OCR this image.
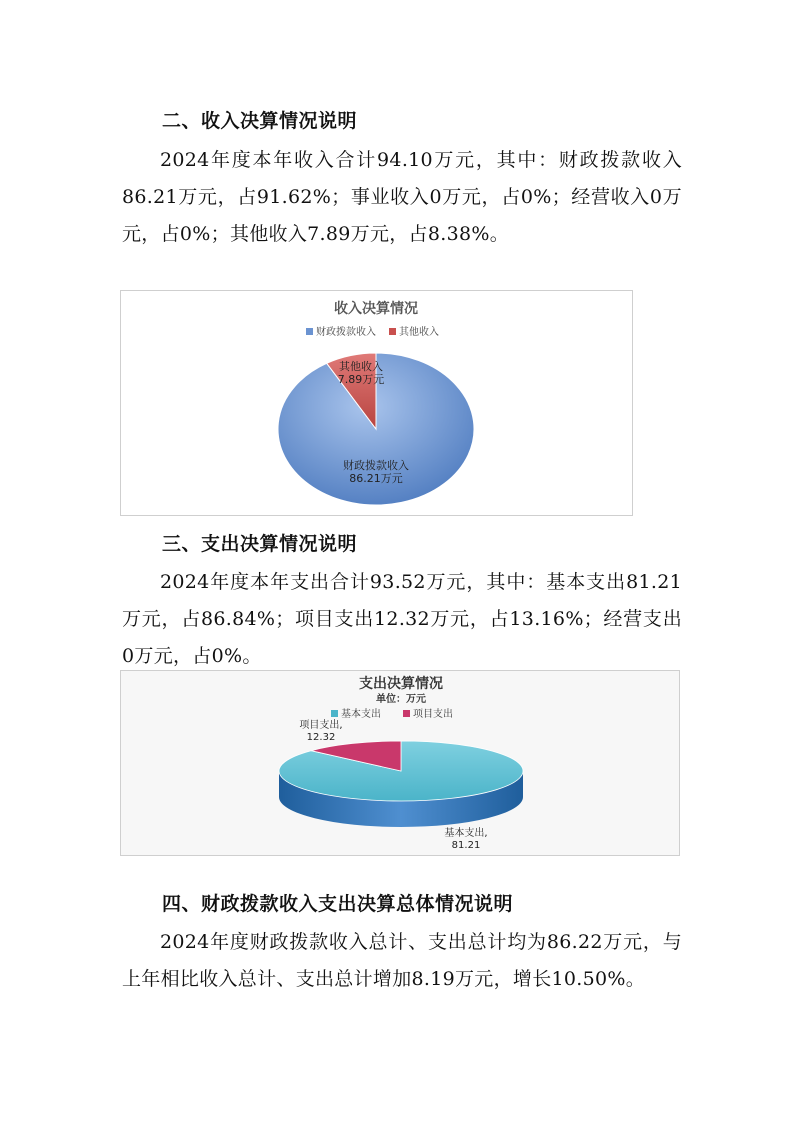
二、收入决算情况说明
2024年度本年收入合计94.10万元，其中：财政拨款收入86.21万元，占91.62%；事业收入0万元，占0%；经营收入0万元，占0%；其他收入7.89万元，占8.38%。
收入决算情况
财政拨款收入 其他收入
财政拨款收入
86.21万元
其他收入
7.89万元
三、支出决算情况说明
2024年度本年支出合计93.52万元，其中：基本支出81.21万元，占86.84%；项目支出12.32万元，占13.16%；经营支出0万元，占0%。
支出决算情况
单位：万元
基本支出	项目支出
基本支出,
81.21
项目支出,
12.32
四、财政拨款收入支出决算总体情况说明
2024年度财政拨款收入总计、支出总计均为86.22万元，与上年相比收入总计、支出总计增加8.19万元，增长10.50%。
